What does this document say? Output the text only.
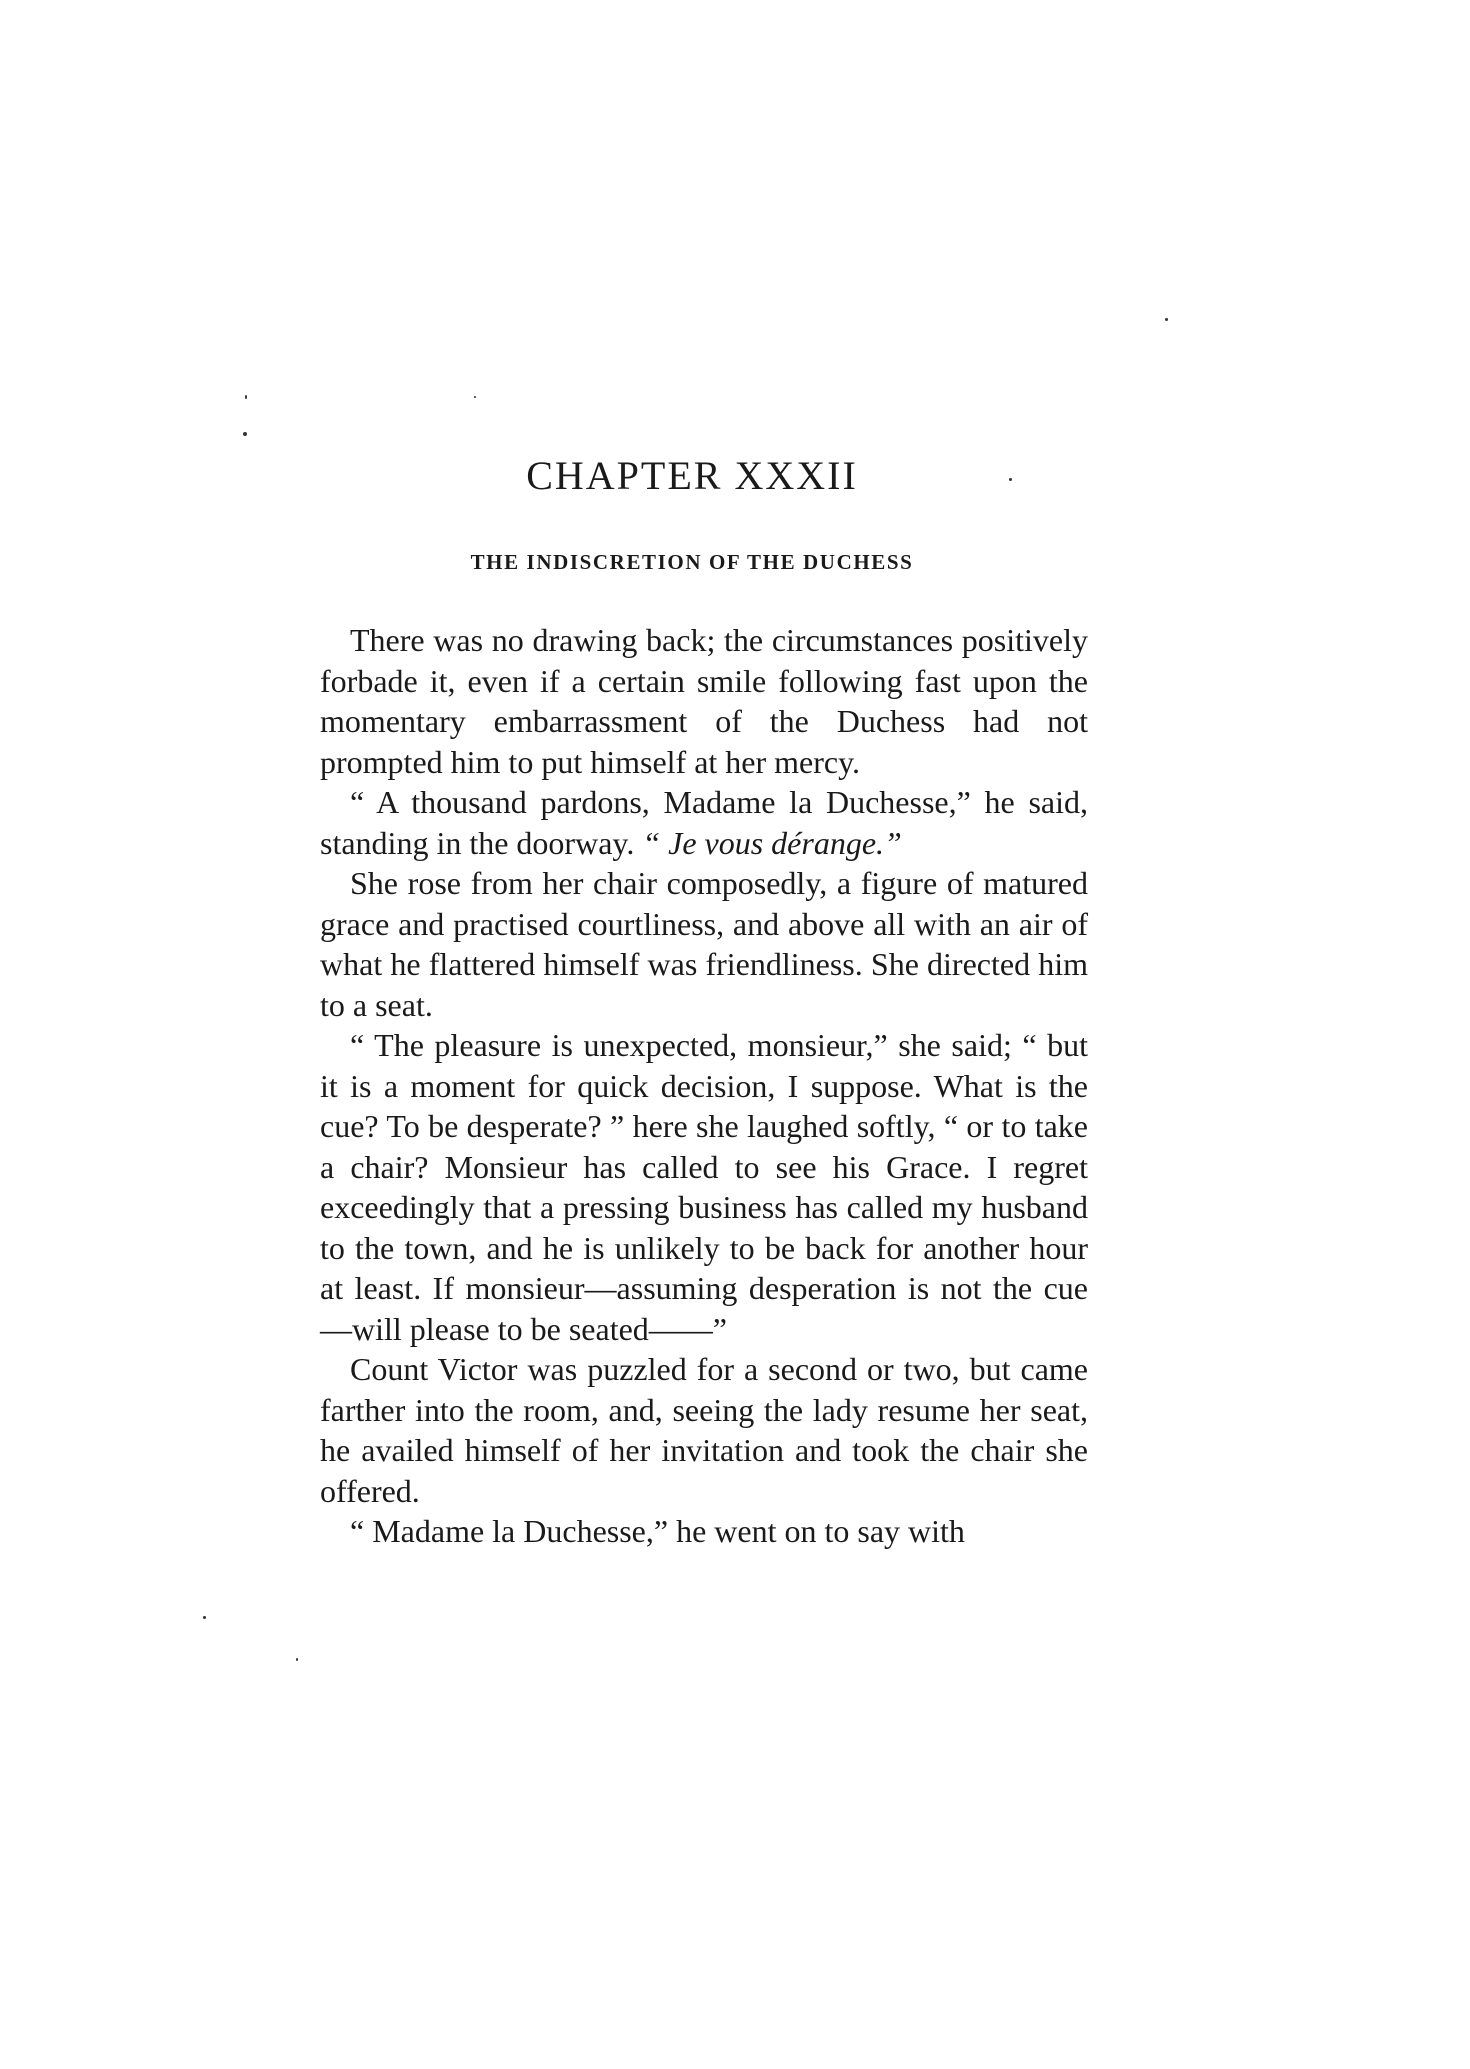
CHAPTER XXXII
THE INDISCRETION OF THE DUCHESS

There was no drawing back; the circumstances positively forbade it, even if a certain smile following fast upon the momentary embarrassment of the Duchess had not prompted him to put himself at her mercy.

“ A thousand pardons, Madame la Duchesse,” he said, standing in the doorway. “ Je vous dérange.”

She rose from her chair composedly, a figure of matured grace and practised courtliness, and above all with an air of what he flattered himself was friendliness. She directed him to a seat.

“ The pleasure is unexpected, monsieur,” she said; “ but it is a moment for quick decision, I suppose. What is the cue? To be desperate? ” here she laughed softly, “ or to take a chair? Monsieur has called to see his Grace. I regret exceedingly that a pressing business has called my husband to the town, and he is unlikely to be back for another hour at least. If monsieur—assuming desperation is not the cue—will please to be seated——”

Count Victor was puzzled for a second or two, but came farther into the room, and, seeing the lady resume her seat, he availed himself of her invitation and took the chair she offered.

“ Madame la Duchesse,” he went on to say with
